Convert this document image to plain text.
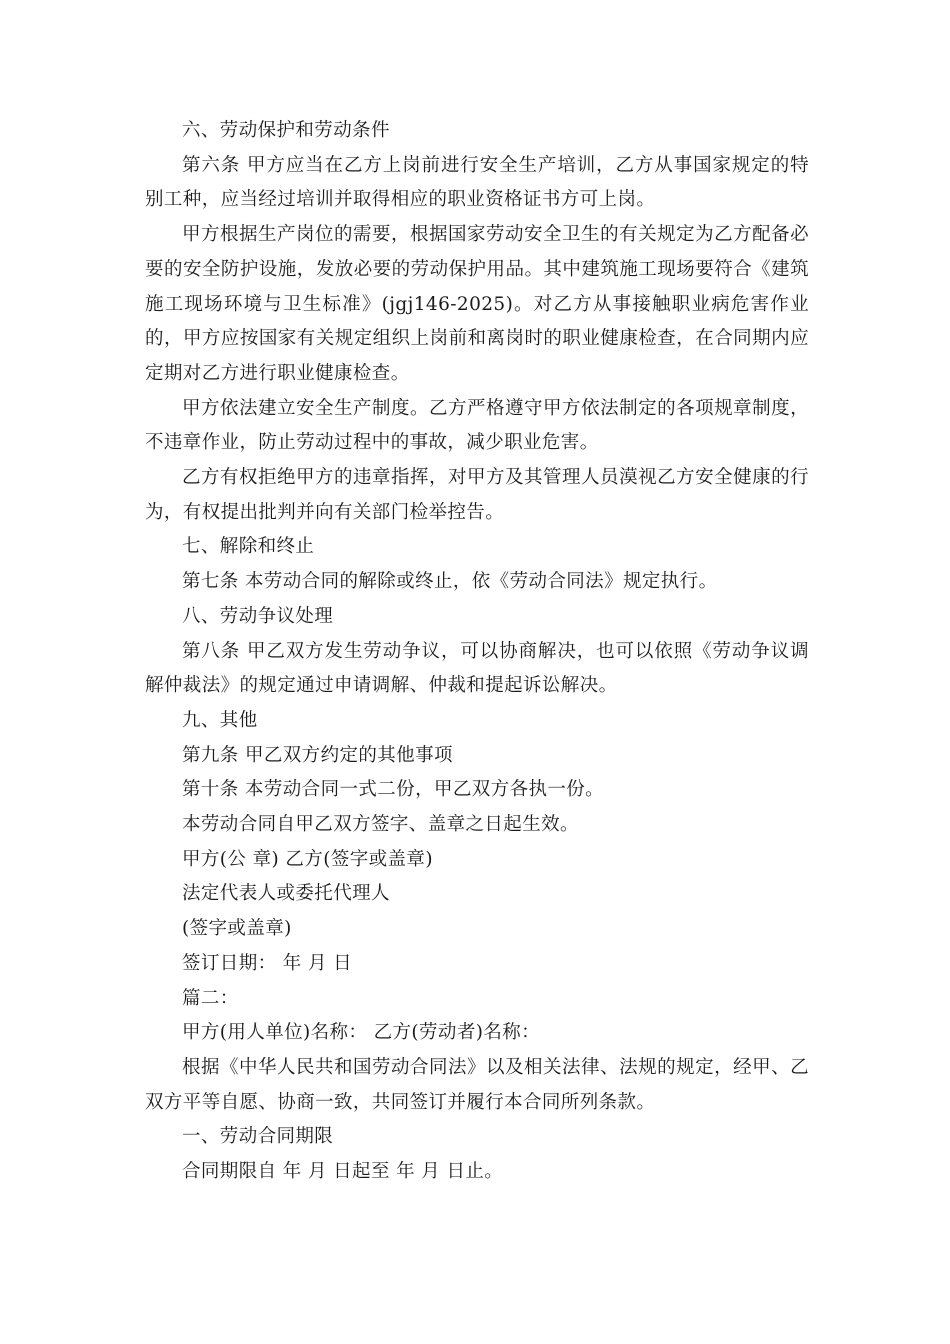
六、劳动保护和劳动条件

第六条 甲方应当在乙方上岗前进行安全生产培训，乙方从事国家规定的特别工种，应当经过培训并取得相应的职业资格证书方可上岗。

甲方根据生产岗位的需要，根据国家劳动安全卫生的有关规定为乙方配备必要的安全防护设施，发放必要的劳动保护用品。其中建筑施工现场要符合《建筑施工现场环境与卫生标准》(jgj146-2025)。对乙方从事接触职业病危害作业的，甲方应按国家有关规定组织上岗前和离岗时的职业健康检查，在合同期内应定期对乙方进行职业健康检查。

甲方依法建立安全生产制度。乙方严格遵守甲方依法制定的各项规章制度，不违章作业，防止劳动过程中的事故，减少职业危害。

乙方有权拒绝甲方的违章指挥，对甲方及其管理人员漠视乙方安全健康的行为，有权提出批判并向有关部门检举控告。

七、解除和终止

第七条 本劳动合同的解除或终止，依《劳动合同法》规定执行。

八、劳动争议处理

第八条 甲乙双方发生劳动争议，可以协商解决，也可以依照《劳动争议调解仲裁法》的规定通过申请调解、仲裁和提起诉讼解决。

九、其他

第九条 甲乙双方约定的其他事项

第十条 本劳动合同一式二份，甲乙双方各执一份。

本劳动合同自甲乙双方签字、盖章之日起生效。

甲方(公 章) 乙方(签字或盖章)

法定代表人或委托代理人

(签字或盖章)

签订日期： 年 月 日

篇二：

甲方(用人单位)名称： 乙方(劳动者)名称：

根据《中华人民共和国劳动合同法》以及相关法律、法规的规定，经甲、乙双方平等自愿、协商一致，共同签订并履行本合同所列条款。

一、劳动合同期限

合同期限自 年 月 日起至 年 月 日止。
